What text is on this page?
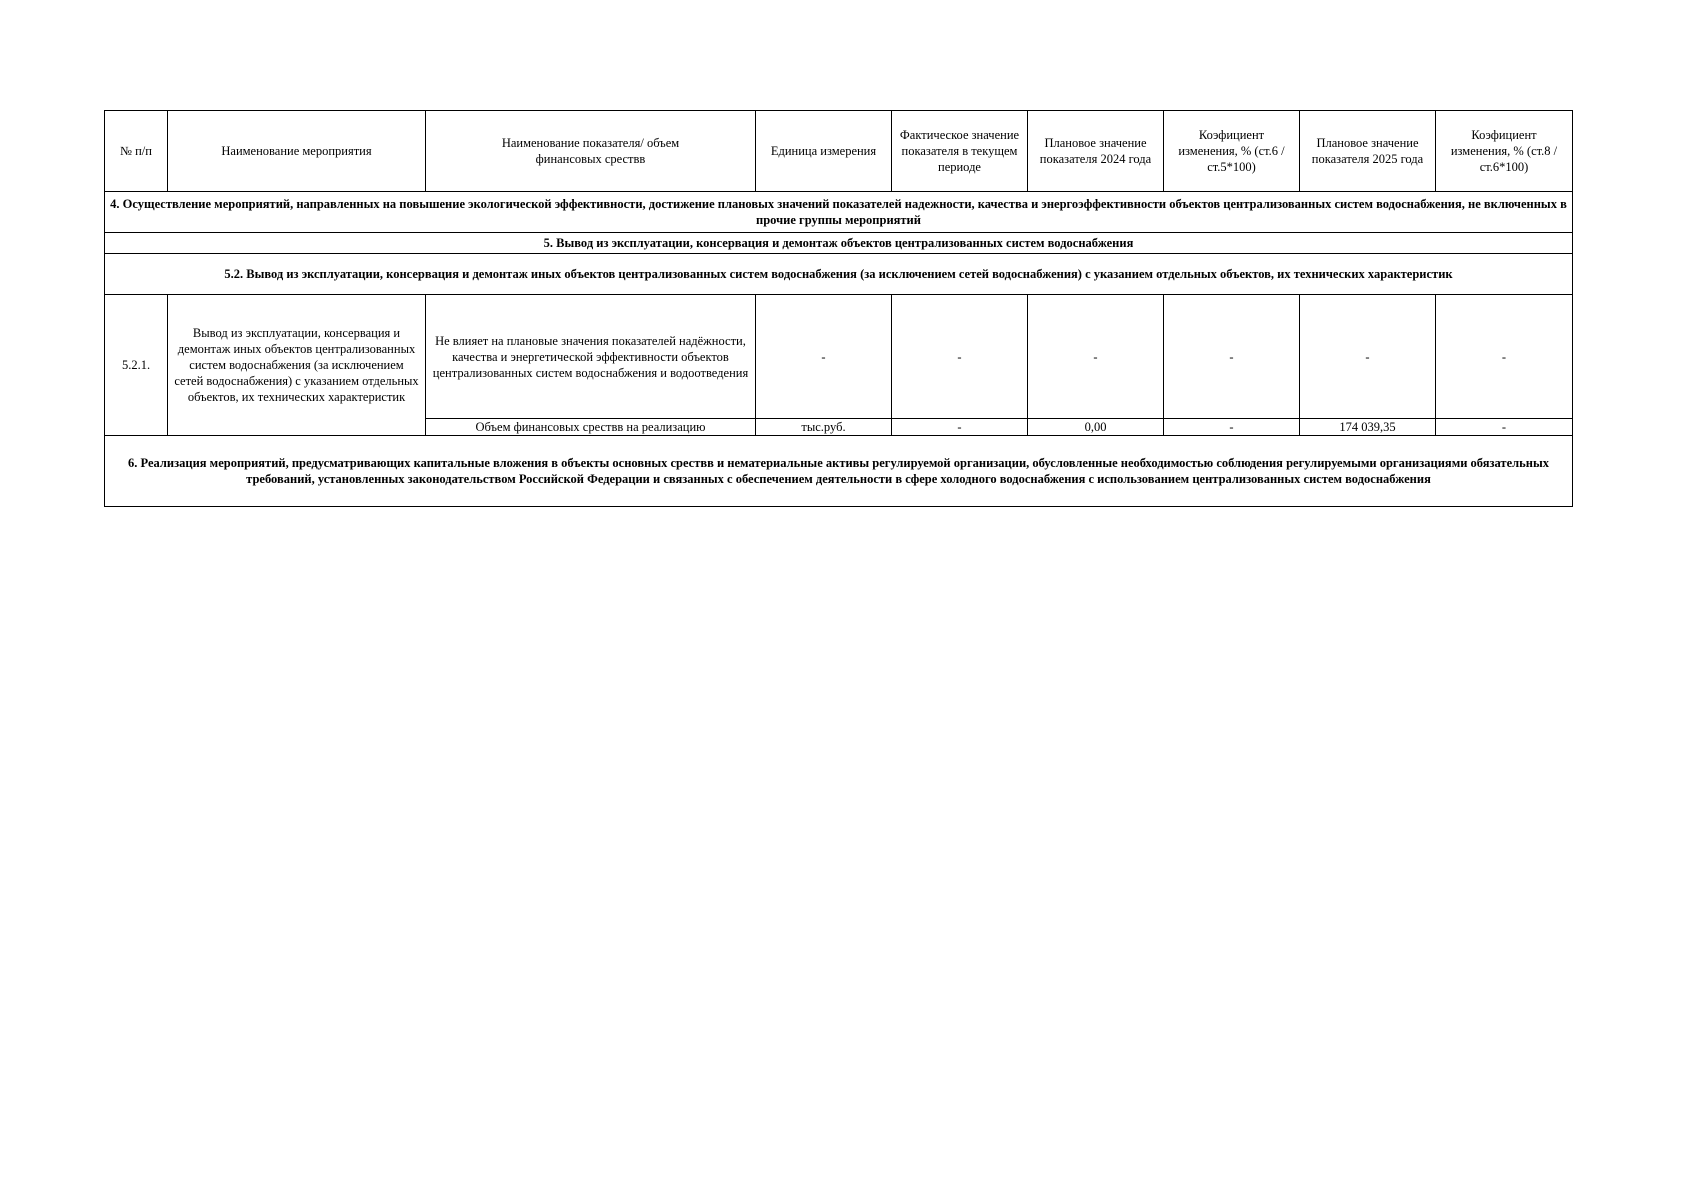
№ п/п	Наименование мероприятия	Наименование показателя/ объем финансовых срествв	Единица измерения	Фактическое значение показателя в текущем периоде	Плановое значение показателя 2024 года	Коэфициент изменения, % (ст.6 /ст.5*100)	Плановое значение показателя 2025 года	Коэфициент изменения, % (ст.8 /ст.6*100)
4. Осуществление мероприятий, направленных на повышение экологической эффективности, достижение плановых значений показателей надежности, качества и энергоэффективности объектов централизованных систем водоснабжения, не включенных в прочие группы мероприятий								
5. Вывод из эксплуатации, консервация и демонтаж объектов централизованных систем водоснабжения								
5.2. Вывод из эксплуатации, консервация и демонтаж иных объектов централизованных систем водоснабжения (за исключением сетей водоснабжения) с указанием отдельных объектов, их технических характеристик								
5.2.1.	Вывод из эксплуатации, консервация и демонтаж иных объектов централизованных систем водоснабжения (за исключением сетей водоснабжения) с указанием отдельных объектов, их технических характеристик	Не влияет на плановые значения показателей надёжности, качества и энергетической эффективности объектов централизованных систем водоснабжения и водоотведения	-	-	-	-	-	-
		Объем финансовых срествв на реализацию	тыс.руб.	-	0,00	-	174 039,35	-
6. Реализация мероприятий, предусматривающих капитальные вложения в объекты основных срествв и нематериальные активы регулируемой организации, обусловленные необходимостью соблюдения регулируемыми организациями обязательных требований, установленных законодательством Российской Федерации и связанных с обеспечением деятельности в сфере холодного водоснабжения с использованием централизованных систем водоснабжения								
